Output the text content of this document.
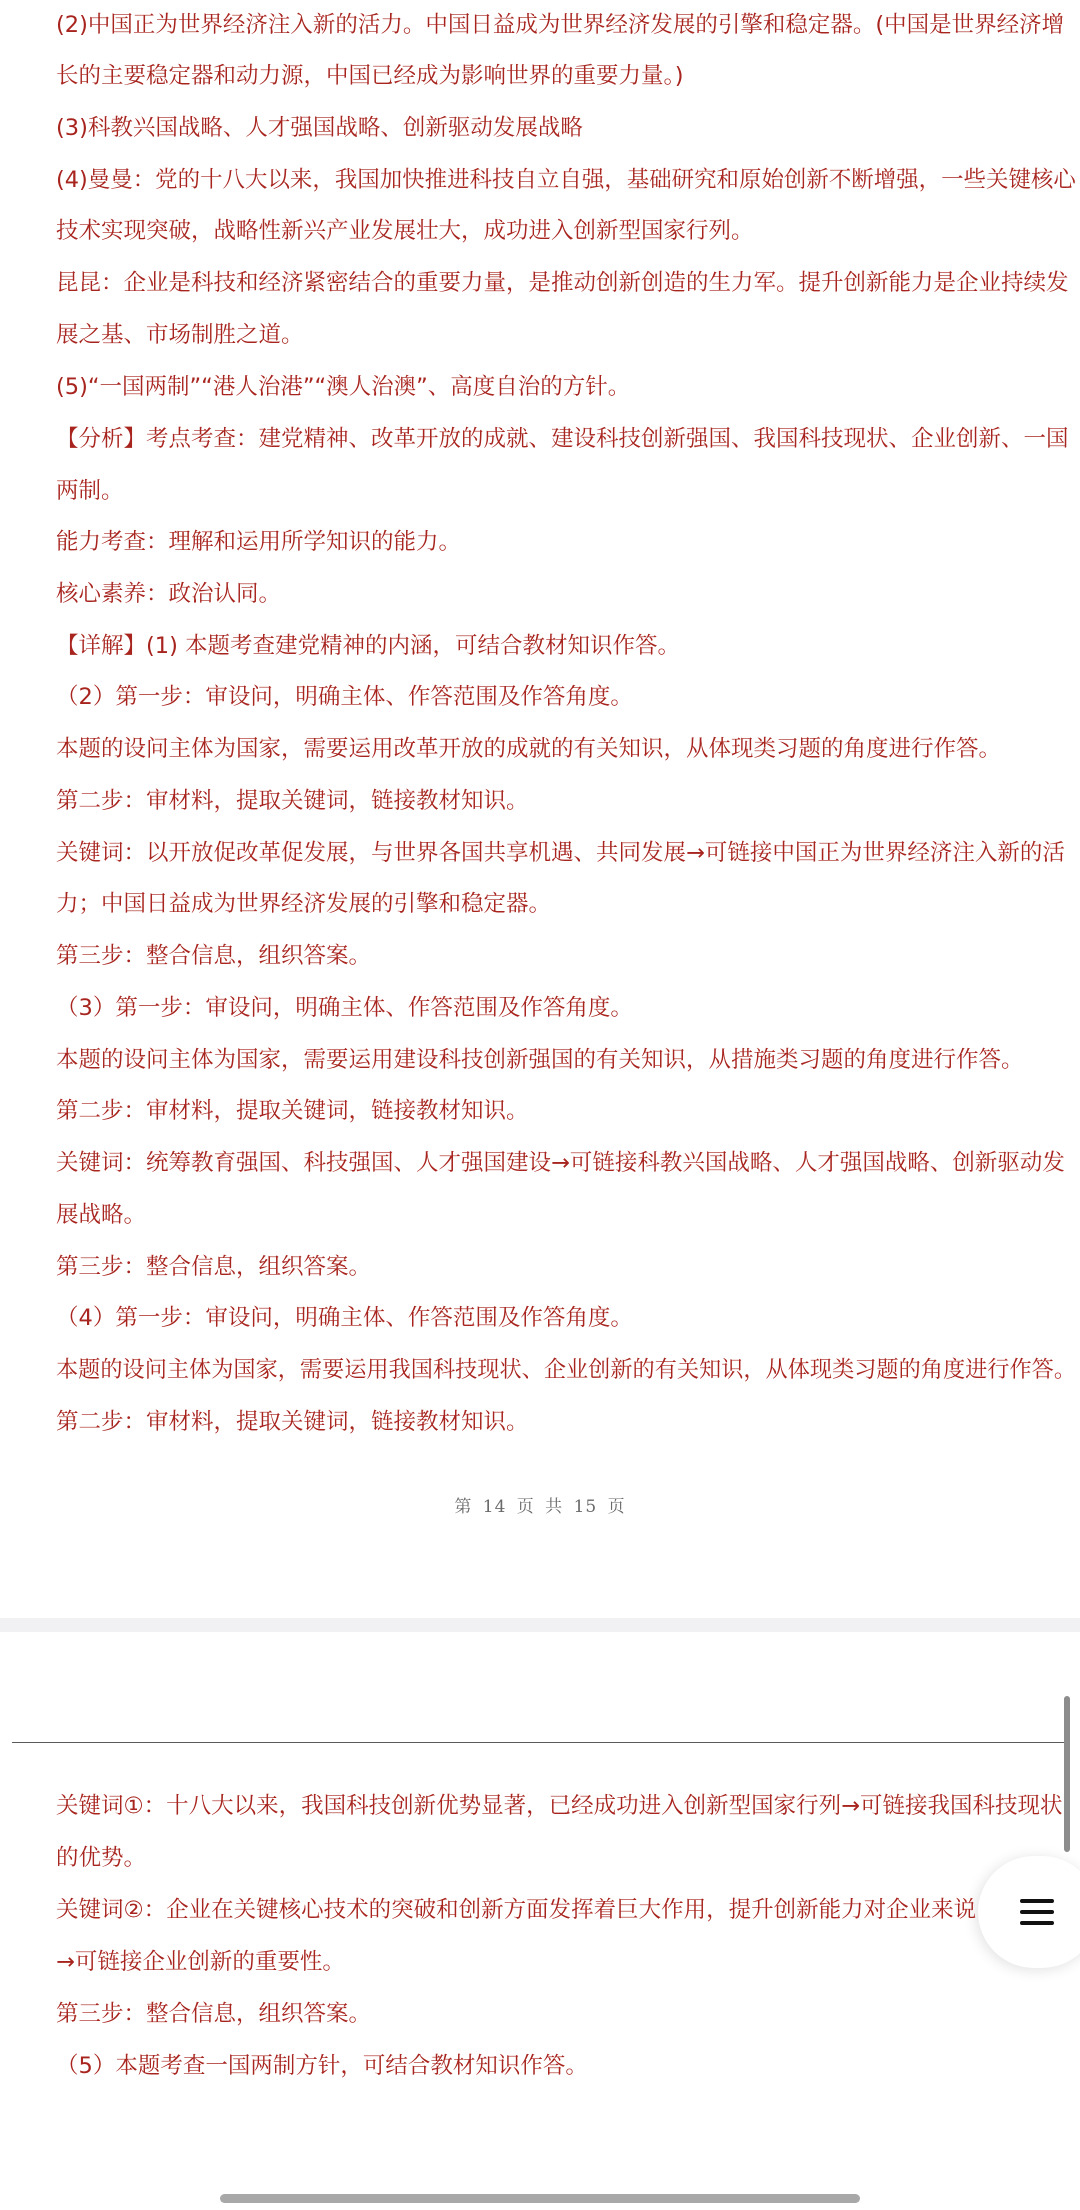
(2)中国正为世界经济注入新的活力。中国日益成为世界经济发展的引擎和稳定器。(中国是世界经济增
长的主要稳定器和动力源，中国已经成为影响世界的重要力量。)
(3)科教兴国战略、人才强国战略、创新驱动发展战略
(4)曼曼：党的十八大以来，我国加快推进科技自立自强，基础研究和原始创新不断增强，一些关键核心
技术实现突破，战略性新兴产业发展壮大，成功进入创新型国家行列。
昆昆：企业是科技和经济紧密结合的重要力量，是推动创新创造的生力军。提升创新能力是企业持续发
展之基、市场制胜之道。
(5)“一国两制”“港人治港”“澳人治澳”、高度自治的方针。
【分析】考点考查：建党精神、改革开放的成就、建设科技创新强国、我国科技现状、企业创新、一国
两制。
能力考查：理解和运用所学知识的能力。
核心素养：政治认同。
【详解】(1) 本题考查建党精神的内涵，可结合教材知识作答。
（2）第一步：审设问，明确主体、作答范围及作答角度。
本题的设问主体为国家，需要运用改革开放的成就的有关知识，从体现类习题的角度进行作答。
第二步：审材料，提取关键词，链接教材知识。
关键词：以开放促改革促发展，与世界各国共享机遇、共同发展→可链接中国正为世界经济注入新的活
力；中国日益成为世界经济发展的引擎和稳定器。
第三步：整合信息，组织答案。
（3）第一步：审设问，明确主体、作答范围及作答角度。
本题的设问主体为国家，需要运用建设科技创新强国的有关知识，从措施类习题的角度进行作答。
第二步：审材料，提取关键词，链接教材知识。
关键词：统筹教育强国、科技强国、人才强国建设→可链接科教兴国战略、人才强国战略、创新驱动发
展战略。
第三步：整合信息，组织答案。
（4）第一步：审设问，明确主体、作答范围及作答角度。
本题的设问主体为国家，需要运用我国科技现状、企业创新的有关知识，从体现类习题的角度进行作答。
第二步：审材料，提取关键词，链接教材知识。
第 14 页 共 15 页
关键词①：十八大以来，我国科技创新优势显著，已经成功进入创新型国家行列→可链接我国科技现状
的优势。
关键词②：企业在关键核心技术的突破和创新方面发挥着巨大作用，提升创新能力对企业来说
→可链接企业创新的重要性。
第三步：整合信息，组织答案。
（5）本题考查一国两制方针，可结合教材知识作答。
